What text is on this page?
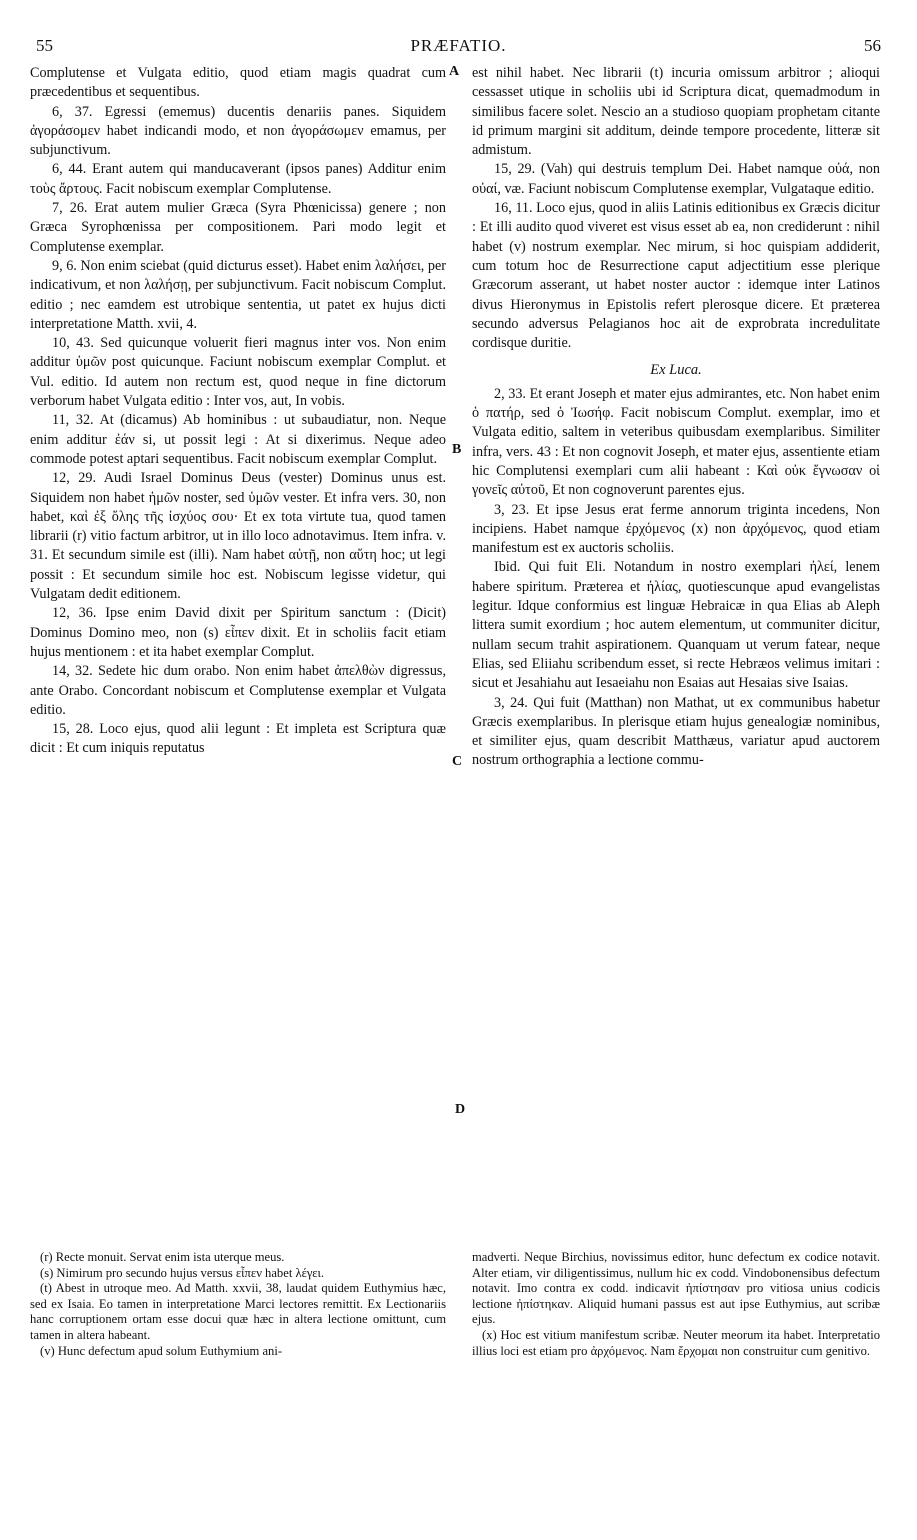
55	PRÆFATIO.	56
A
B
C
D

Complutense et Vulgata editio, quod etiam magis quadrat cum præcedentibus et sequentibus.

6, 37. Egressi (ememus) ducentis denariis panes. Siquidem ἀγοράσομεν habet indicandi modo, et non ἀγοράσωμεν emamus, per subjunctivum.

6, 44. Erant autem qui manducaverant (ipsos panes) Additur enim τοὺς ἄρτους. Facit nobiscum exemplar Complutense.

7, 26. Erat autem mulier Græca (Syra Phœnicissa) genere ; non Græca Syrophœnissa per compositionem. Pari modo legit et Complutense exemplar.

9, 6. Non enim sciebat (quid dicturus esset). Habet enim λαλήσει, per indicativum, et non λαλήσῃ, per subjunctivum. Facit nobiscum Complut. editio ; nec eamdem est utrobique sententia, ut patet ex hujus dicti interpretatione Matth. xvii, 4.

10, 43. Sed quicunque voluerit fieri magnus inter vos. Non enim additur ὑμῶν post quicunque. Faciunt nobiscum exemplar Complut. et Vul. editio. Id autem non rectum est, quod neque in fine dictorum verborum habet Vulgata editio : Inter vos, aut, In vobis.

11, 32. At (dicamus) Ab hominibus : ut subaudiatur, non. Neque enim additur ἐάν si, ut possit legi : At si dixerimus. Neque adeo commode potest aptari sequentibus. Facit nobiscum exemplar Complut.

12, 29. Audi Israel Dominus Deus (vester) Dominus unus est. Siquidem non habet ἡμῶν noster, sed ὑμῶν vester. Et infra vers. 30, non habet, καὶ ἐξ ὅλης τῆς ἰσχύος σου· Et ex tota virtute tua, quod tamen librarii (r) vitio factum arbitror, ut in illo loco adnotavimus. Item infra. v. 31. Et secundum simile est (illi). Nam habet αὐτῇ, non αὕτη hoc; ut legi possit : Et secundum simile hoc est. Nobiscum legisse videtur, qui Vulgatam dedit editionem.

12, 36. Ipse enim David dixit per Spiritum sanctum : (Dicit) Dominus Domino meo, non (s) εἶπεν dixit. Et in scholiis facit etiam hujus mentionem : et ita habet exemplar Complut.

14, 32. Sedete hic dum orabo. Non enim habet ἀπελθὼν digressus, ante Orabo. Concordant nobiscum et Complutense exemplar et Vulgata editio.

15, 28. Loco ejus, quod alii legunt : Et impleta est Scriptura quæ dicit : Et cum iniquis reputatus

est nihil habet. Nec librarii (t) incuria omissum arbitror ; alioqui cessasset utique in scholiis ubi id Scriptura dicat, quemadmodum in similibus facere solet. Nescio an a studioso quopiam prophetam citante id primum margini sit additum, deinde tempore procedente, litteræ sit admistum.

15, 29. (Vah) qui destruis templum Dei. Habet namque οὐά, non οὐαί, væ. Faciunt nobiscum Complutense exemplar, Vulgataque editio.

16, 11. Loco ejus, quod in aliis Latinis editionibus ex Græcis dicitur : Et illi audito quod viveret est visus esset ab ea, non crediderunt : nihil habet (v) nostrum exemplar. Nec mirum, si hoc quispiam addiderit, cum totum hoc de Resurrectione caput adjectitium esse plerique Græcorum asserant, ut habet noster auctor : idemque inter Latinos divus Hieronymus in Epistolis refert plerosque dicere. Et præterea secundo adversus Pelagianos hoc ait de exprobrata incredulitate cordisque duritie.

Ex Luca.

2, 33. Et erant Joseph et mater ejus admirantes, etc. Non habet enim ὁ πατήρ, sed ὁ Ἰωσήφ. Facit nobiscum Complut. exemplar, imo et Vulgata editio, saltem in veteribus quibusdam exemplaribus. Similiter infra, vers. 43 : Et non cognovit Joseph, et mater ejus, assentiente etiam hic Complutensi exemplari cum alii habeant : Καὶ οὐκ ἔγνωσαν οἱ γονεῖς αὐτοῦ, Et non cognoverunt parentes ejus.

3, 23. Et ipse Jesus erat ferme annorum triginta incedens, Non incipiens. Habet namque ἐρχόμενος (x) non ἀρχόμενος, quod etiam manifestum est ex auctoris scholiis.

Ibid. Qui fuit Eli. Notandum in nostro exemplari ἠλεί, lenem habere spiritum. Præterea et ἠλίας, quotiescunque apud evangelistas legitur. Idque conformius est linguæ Hebraicæ in qua Elias ab Aleph littera sumit exordium ; hoc autem elementum, ut communiter dicitur, nullam secum trahit aspirationem. Quanquam ut verum fatear, neque Elias, sed Eliiahu scribendum esset, si recte Hebræos velimus imitari : sicut et Jesahiahu aut Iesaeiahu non Esaias aut Hesaias sive Isaias.

3, 24. Qui fuit (Matthan) non Mathat, ut ex communibus habetur Græcis exemplaribus. In plerisque etiam hujus genealogiæ nominibus, et similiter ejus, quam describit Matthæus, variatur apud auctorem nostrum orthographia a lectione commu-

(r) Recte monuit. Servat enim ista uterque meus.

(s) Nimirum pro secundo hujus versus εἶπεν habet λέγει.

(t) Abest in utroque meo. Ad Matth. xxvii, 38, laudat quidem Euthymius hæc, sed ex Isaia. Eo tamen in interpretatione Marci lectores remittit. Ex Lectionariis hanc corruptionem ortam esse docui quæ hæc in altera lectione omittunt, cum tamen in altera habeant.

(v) Hunc defectum apud solum Euthymium ani-

madverti. Neque Birchius, novissimus editor, hunc defectum ex codice notavit. Alter etiam, vir diligentissimus, nullum hic ex codd. Vindobonensibus defectum notavit. Imo contra ex codd. indicavit ἠπίστησαν pro vitiosa unius codicis lectione ἠπίστηκαν. Aliquid humani passus est aut ipse Euthymius, aut scribæ ejus.

(x) Hoc est vitium manifestum scribæ. Neuter meorum ita habet. Interpretatio illius loci est etiam pro ἀρχόμενος. Nam ἔρχομαι non construitur cum genitivo.
